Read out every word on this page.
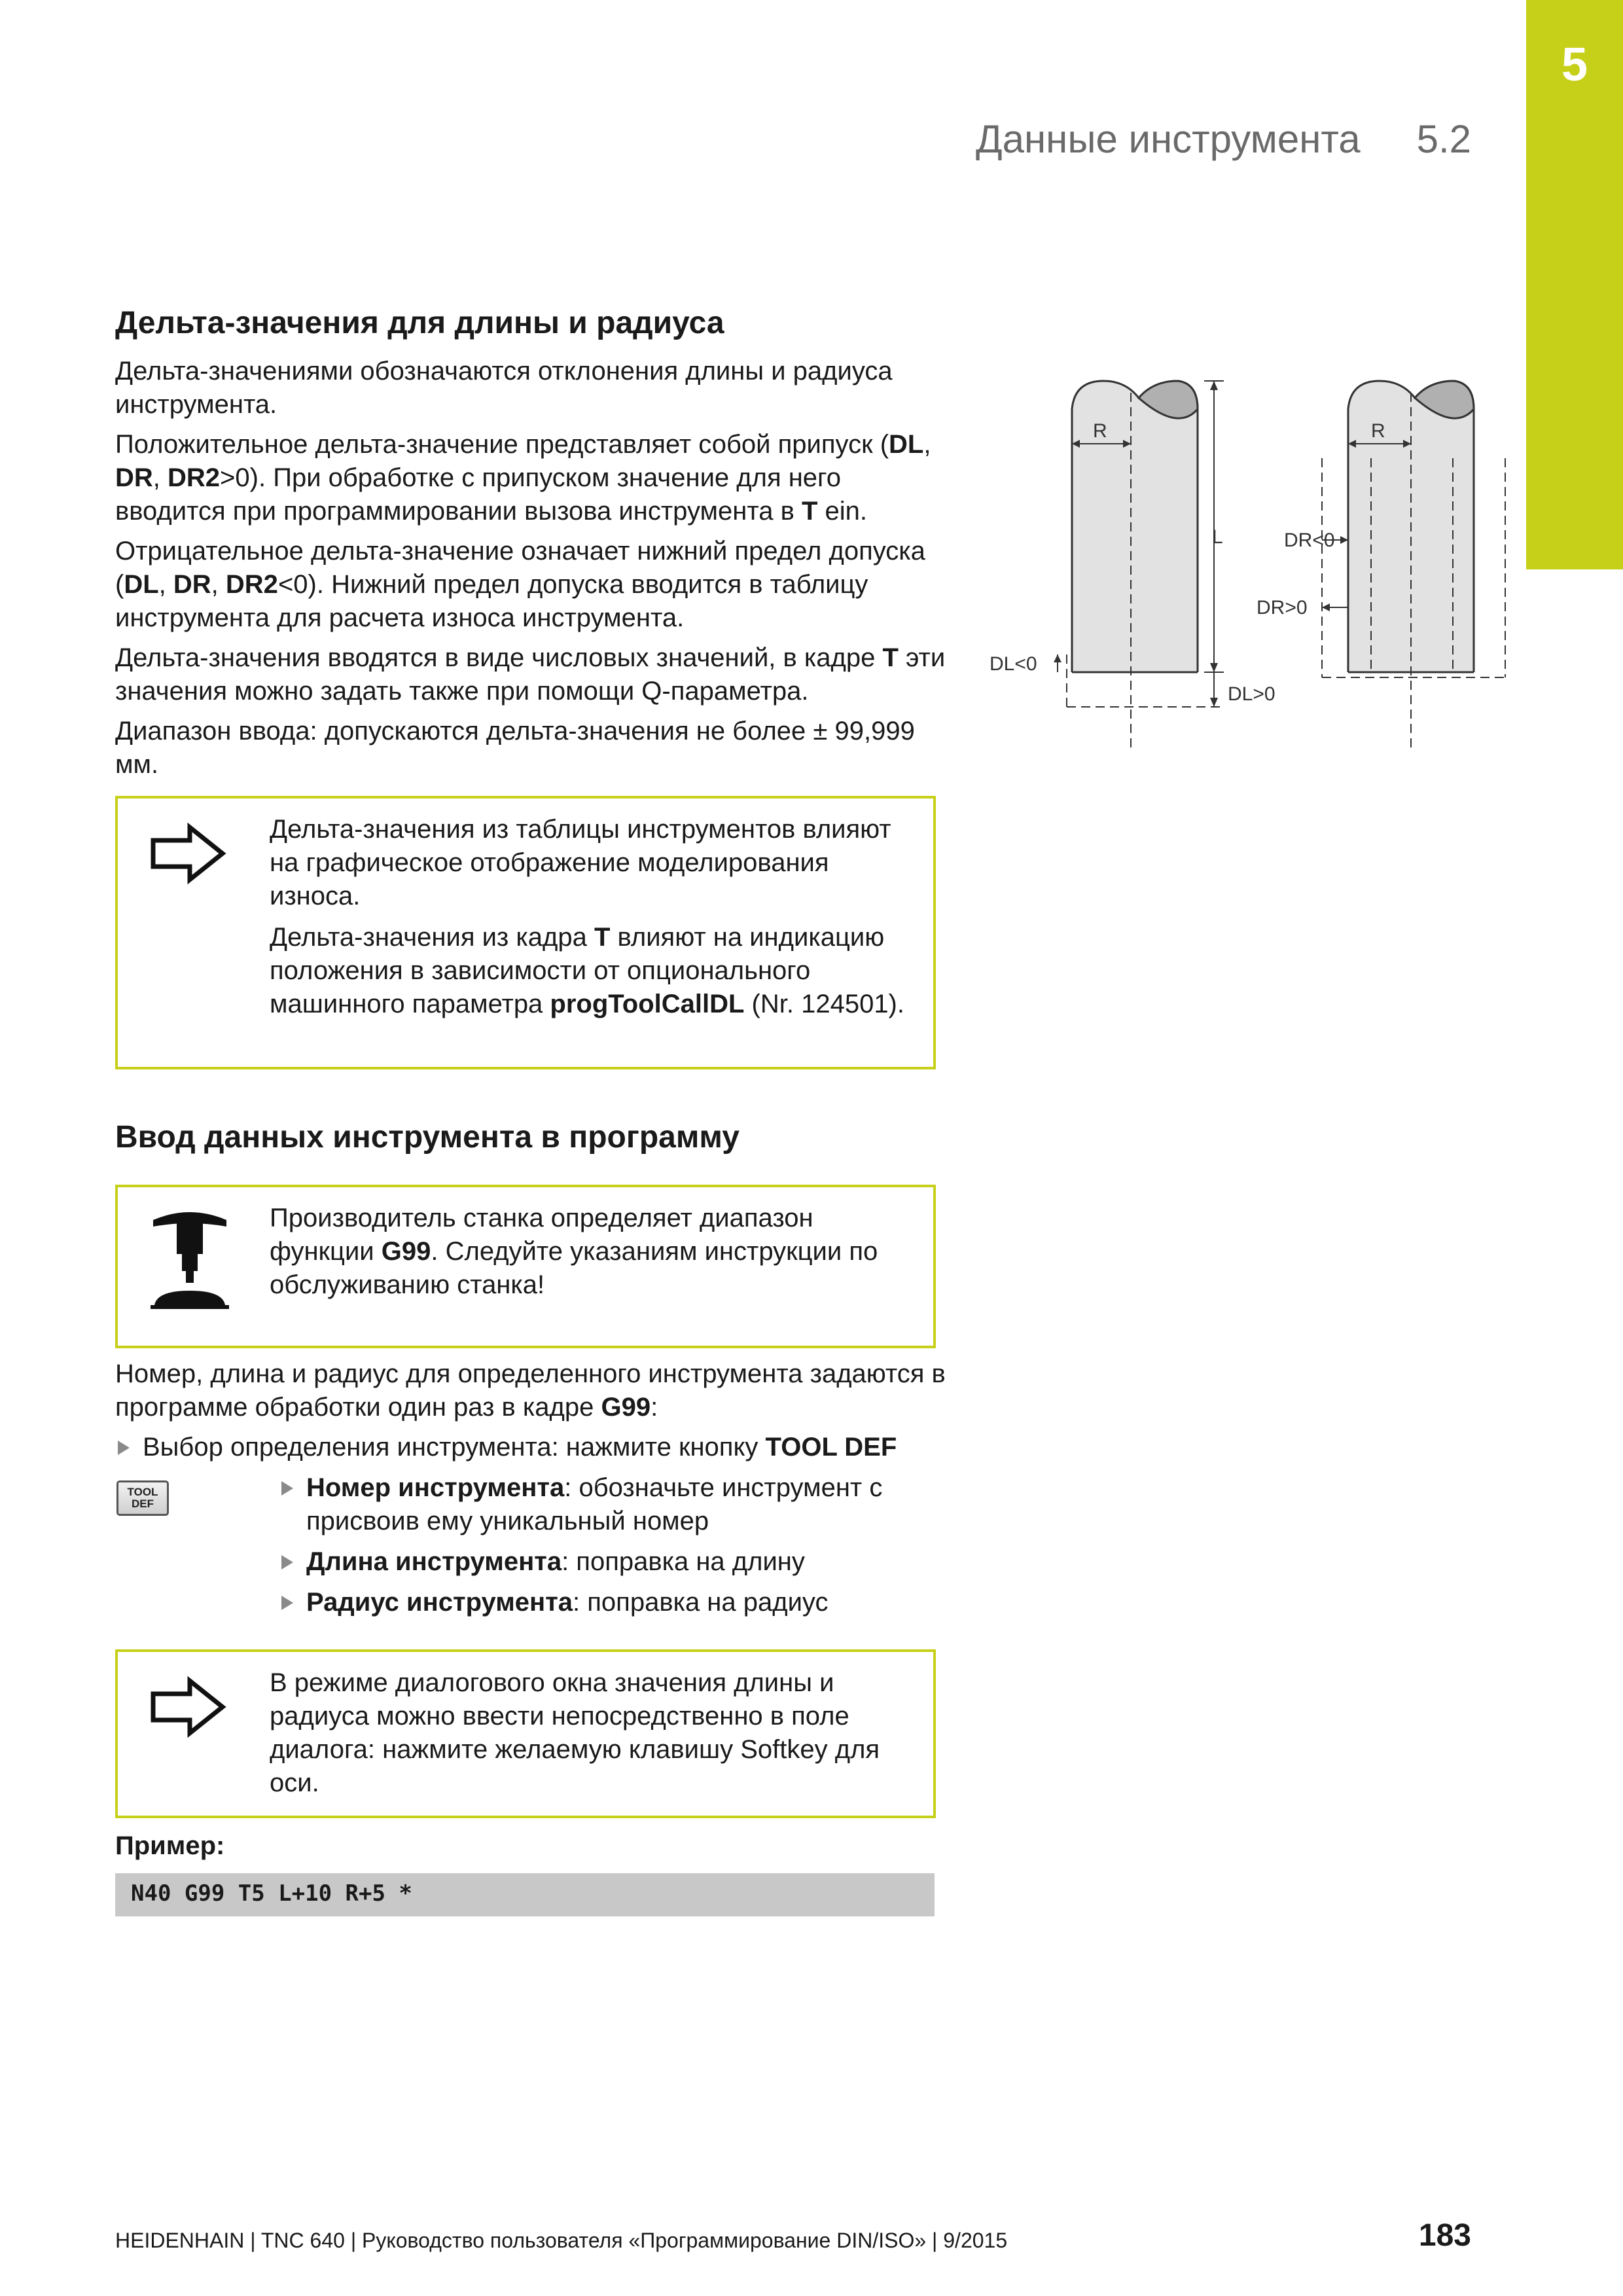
5
Данные инструмента 5.2
Дельта-значения для длины и радиуса

Дельта-значениями обозначаются отклонения длины и радиуса инструмента.

Положительное дельта-значение представляет собой припуск (DL, DR, DR2>0). При обработке с припуском значение для него вводится при программировании вызова инструмента в T ein.

Отрицательное дельта-значение означает нижний предел допуска (DL, DR, DR2<0). Нижний предел допуска вводится в таблицу инструмента для расчета износа инструмента.

Дельта-значения вводятся в виде числовых значений, в кадре T эти значения можно задать также при помощи Q-параметра.

Диапазон ввода: допускаются дельта-значения не более ± 99,999 мм.

R	R
L	DR<0
DR>0
DL<0
DL>0

Дельта-значения из таблицы инструментов влияют на графическое отображение моделирования износа.

Дельта-значения из кадра T влияют на индикацию положения в зависимости от опционального машинного параметра progToolCallDL (Nr. 124501).

Ввод данных инструмента в программу

Производитель станка определяет диапазон функции G99. Следуйте указаниям инструкции по обслуживанию станка!

Номер, длина и радиус для определенного инструмента задаются в программе обработки один раз в кадре G99:

Выбор определения инструмента: нажмите кнопку TOOL DEF
TOOL
DEF
Номер инструмента: обозначьте инструмент с
присвоив ему уникальный номер
Длина инструмента: поправка на длину
Радиус инструмента: поправка на радиус
В режиме диалогового окна значения длины и радиуса можно ввести непосредственно в поле диалога: нажмите желаемую клавишу Softkey для оси.
Пример:
N40 G99 T5 L+10 R+5 *
HEIDENHAIN | TNC 640 | Руководство пользователя «Программирование DIN/ISO» | 9/2015	183
